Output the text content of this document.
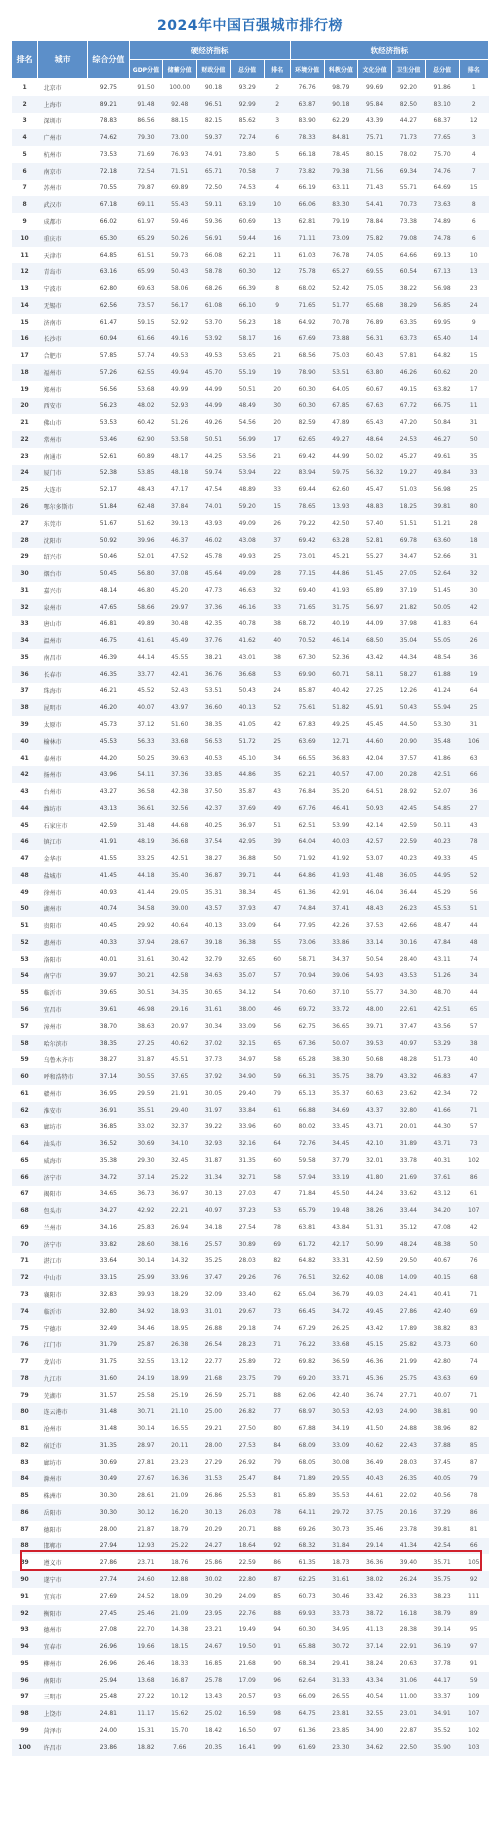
2024年中国百强城市排行榜
排名	城市	综合分值	硬经济指标					软经济指标					
			GDP分值	储蓄分值	财政分值	总分值	排名	环境分值	科教分值	文化分值	卫生分值	总分值	排名
1	北京市	92.75	91.50	100.00	90.18	93.29	2	76.76	98.79	99.69	92.20	91.86	1
2	上海市	89.21	91.48	92.48	96.51	92.99	2	63.87	90.18	95.84	82.50	83.10	2
3	深圳市	78.83	86.56	88.15	82.15	85.62	3	83.90	62.29	43.39	44.27	68.37	12
4	广州市	74.62	79.30	73.00	59.37	72.74	6	78.33	84.81	75.71	71.73	77.65	3
5	杭州市	73.53	71.69	76.93	74.91	73.80	5	66.18	78.45	80.15	78.02	75.70	4
6	南京市	72.18	72.54	71.51	65.71	70.58	7	73.82	79.38	71.56	69.34	74.76	7
7	苏州市	70.55	79.87	69.89	72.50	74.53	4	66.19	63.11	71.43	55.71	64.69	15
8	武汉市	67.18	69.11	55.43	59.11	63.19	10	66.06	83.30	54.41	70.73	73.63	8
9	成都市	66.02	61.97	59.46	59.36	60.69	13	62.81	79.19	78.84	73.38	74.89	6
10	重庆市	65.30	65.29	50.26	56.91	59.44	16	71.11	73.09	75.82	79.08	74.78	6
11	天津市	64.85	61.51	59.73	66.08	62.21	11	61.03	76.78	74.05	64.66	69.13	10
12	青岛市	63.16	65.99	50.43	58.78	60.30	12	75.78	65.27	69.55	60.54	67.13	13
13	宁波市	62.80	69.63	58.06	68.26	66.39	8	68.02	52.42	75.05	38.22	56.98	23
14	无锡市	62.56	73.57	56.17	61.08	66.10	9	71.65	51.77	65.68	38.29	56.85	24
15	济南市	61.47	59.15	52.92	53.70	56.23	18	64.92	70.78	76.89	63.35	69.95	9
16	长沙市	60.94	61.66	49.16	53.92	58.17	16	67.69	73.88	56.31	63.73	65.40	14
17	合肥市	57.85	57.74	49.53	49.53	53.65	21	68.56	75.03	60.43	57.81	64.82	15
18	福州市	57.26	62.55	49.94	45.70	55.19	19	78.90	53.51	63.80	46.26	60.62	20
19	郑州市	56.56	53.68	49.99	44.99	50.51	20	60.30	64.05	60.67	49.15	63.82	17
20	西安市	56.23	48.02	52.93	44.99	48.49	30	60.30	67.85	67.63	67.72	66.75	11
21	佛山市	53.53	60.42	51.26	49.26	54.56	20	82.59	47.89	65.43	47.20	50.84	31
22	常州市	53.46	62.90	53.58	50.51	56.99	17	62.65	49.27	48.64	24.53	46.27	50
23	南通市	52.61	60.89	48.17	44.25	53.56	21	69.42	44.99	50.02	45.27	49.61	35
24	厦门市	52.38	53.85	48.18	59.74	53.94	22	83.94	59.75	56.32	19.27	49.84	33
25	大连市	52.17	48.43	47.17	47.54	48.89	33	69.44	62.60	45.47	51.03	56.98	25
26	鄂尔多斯市	51.84	62.48	37.84	74.01	59.20	15	78.65	13.93	48.83	18.25	39.81	80
27	东莞市	51.67	51.62	39.13	43.93	49.09	26	79.22	42.50	57.40	51.51	51.21	28
28	沈阳市	50.92	39.96	46.37	46.02	43.08	37	69.42	63.28	52.81	69.78	63.60	18
29	绍兴市	50.46	52.01	47.52	45.78	49.93	25	73.01	45.21	55.27	34.47	52.66	31
30	烟台市	50.45	56.80	37.08	45.64	49.09	28	77.15	44.86	51.45	27.05	52.64	32
31	嘉兴市	48.14	46.80	45.20	47.73	46.63	32	69.40	41.93	65.89	37.19	51.45	30
32	泉州市	47.65	58.66	29.97	37.36	46.16	33	71.65	31.75	56.97	21.82	50.05	42
33	唐山市	46.81	49.89	30.48	42.35	40.78	38	68.72	40.19	44.09	37.98	41.83	64
34	温州市	46.75	41.61	45.49	37.76	41.62	40	70.52	46.14	68.50	35.04	55.05	26
35	南昌市	46.39	44.14	45.55	38.21	43.01	38	67.30	52.36	43.42	44.34	48.54	36
36	长春市	46.35	33.77	42.41	36.76	36.68	53	69.90	60.71	58.11	58.27	61.88	19
37	珠海市	46.21	45.52	52.43	53.51	50.43	24	85.87	40.42	27.25	12.26	41.24	64
38	昆明市	46.20	40.07	43.97	36.60	40.13	52	75.61	51.82	45.91	50.43	55.94	25
39	太原市	45.73	37.12	51.60	38.35	41.05	42	67.83	49.25	45.45	44.50	53.30	31
40	榆林市	45.53	56.33	33.68	56.53	51.72	25	63.69	12.71	44.60	20.90	35.48	106
41	泰州市	44.20	50.25	39.63	40.53	45.10	34	66.55	36.83	42.04	37.57	41.86	63
42	扬州市	43.96	54.11	37.36	33.85	44.86	35	62.21	40.57	47.00	20.28	42.51	66
43	台州市	43.27	36.58	42.38	37.50	35.87	43	76.84	35.20	64.51	28.92	52.07	36
44	潍坊市	43.13	36.61	32.56	42.37	37.69	49	67.76	46.41	50.93	42.45	54.85	27
45	石家庄市	42.59	31.48	44.68	40.25	36.97	51	62.51	53.99	42.14	42.59	50.11	43
46	镇江市	41.91	48.19	36.68	37.54	42.95	39	64.04	40.03	42.57	22.59	40.23	78
47	金华市	41.55	33.25	42.51	38.27	36.88	50	71.92	41.92	53.07	40.23	49.33	45
48	盐城市	41.45	44.18	35.40	36.87	39.71	44	64.86	41.93	41.48	36.05	44.95	52
49	徐州市	40.93	41.44	29.05	35.31	38.34	45	61.36	42.91	46.04	36.44	45.29	56
50	湖州市	40.74	34.58	39.00	43.57	37.93	47	74.84	37.41	48.43	26.23	45.53	51
51	贵阳市	40.45	29.92	40.64	40.13	33.09	64	77.95	42.26	37.53	42.66	48.47	44
52	惠州市	40.33	37.94	28.67	39.18	36.38	55	73.06	33.86	33.14	30.16	47.84	48
53	洛阳市	40.01	31.61	30.42	32.79	32.65	60	58.71	34.37	50.54	28.40	43.11	74
54	南宁市	39.97	30.21	42.58	34.63	35.07	57	70.94	39.06	54.93	43.53	51.26	34
55	临沂市	39.65	30.51	34.35	30.65	34.12	54	70.60	37.10	55.77	34.30	48.70	44
56	宜昌市	39.61	46.98	29.16	31.61	38.00	46	69.72	33.72	48.00	22.61	42.51	65
57	漳州市	38.70	38.63	20.97	30.34	33.09	56	62.75	36.65	39.71	37.47	43.56	57
58	哈尔滨市	38.35	27.25	40.62	37.02	32.15	65	67.36	50.07	39.53	40.97	53.29	38
59	乌鲁木齐市	38.27	31.87	45.51	37.73	34.97	58	65.28	38.30	50.68	48.28	51.73	40
60	呼和浩特市	37.14	30.55	37.65	37.92	34.90	59	66.31	35.75	38.79	43.32	46.83	47
61	赣州市	36.95	29.59	21.91	30.05	29.40	79	65.13	35.37	60.63	23.62	42.34	72
62	淮安市	36.91	35.51	29.40	31.97	33.84	61	66.88	34.69	43.37	32.80	41.66	71
63	廊坊市	36.85	33.02	32.37	39.22	33.96	60	80.02	33.45	43.71	20.01	44.30	57
64	汕头市	36.52	30.69	34.10	32.93	32.16	64	72.76	34.45	42.10	31.89	43.71	73
65	威海市	35.38	29.30	32.45	31.87	31.35	60	59.58	37.79	32.01	33.78	40.31	102
66	济宁市	34.72	37.14	25.22	31.34	32.71	58	57.94	33.19	41.80	21.69	37.61	86
67	揭阳市	34.65	36.73	36.97	30.13	27.03	47	71.84	45.50	44.24	33.62	43.12	61
68	包头市	34.27	42.92	22.21	40.97	37.23	53	65.79	19.48	38.26	33.44	34.20	107
69	兰州市	34.16	25.83	26.94	34.18	27.54	78	63.81	43.84	51.31	35.12	47.08	42
70	济宁市	33.82	28.60	38.16	25.57	30.89	69	61.72	42.17	50.99	48.24	48.38	50
71	湛江市	33.64	30.14	14.32	35.25	28.03	82	64.82	33.31	42.59	29.50	40.67	76
72	中山市	33.15	25.99	33.96	37.47	29.26	76	76.51	32.62	40.08	14.09	40.15	68
73	襄阳市	32.83	39.93	18.29	32.09	33.40	62	65.04	36.79	49.03	24.41	40.41	71
74	临沂市	32.80	34.92	18.93	31.01	29.67	73	66.45	34.72	49.45	27.86	42.40	69
75	宁德市	32.49	34.46	18.95	26.88	29.18	74	67.29	26.25	43.42	17.89	38.82	83
76	江门市	31.79	25.87	26.38	26.54	28.23	71	76.22	33.68	45.15	25.82	43.73	60
77	龙岩市	31.75	32.55	13.12	22.77	25.89	72	69.82	36.59	46.36	21.99	42.80	74
78	九江市	31.60	24.19	18.99	21.68	23.75	79	69.20	33.71	45.36	25.75	43.63	69
79	芜湖市	31.57	25.58	25.19	26.59	25.71	88	62.06	42.40	36.74	27.71	40.07	71
80	连云港市	31.48	30.71	21.10	25.00	26.82	77	68.97	30.53	42.93	24.90	38.81	90
81	沧州市	31.48	30.14	16.55	29.21	27.50	80	67.88	34.19	41.50	24.88	38.96	82
82	宿迁市	31.35	28.97	20.11	28.00	27.53	84	68.09	33.09	40.62	22.43	37.88	85
83	廊坊市	30.69	27.81	23.23	27.29	26.92	79	68.05	30.08	36.49	28.03	37.45	87
84	滁州市	30.49	27.67	16.36	31.53	25.47	84	71.89	29.55	40.43	26.35	40.05	79
85	株洲市	30.30	28.61	21.09	26.86	25.53	81	65.89	35.53	44.61	22.02	40.56	78
86	岳阳市	30.30	30.12	16.20	30.13	26.03	78	64.11	29.72	37.75	20.16	37.29	86
87	德阳市	28.00	21.87	18.79	20.29	20.71	88	69.26	30.73	35.46	23.78	39.81	81
88	邯郸市	27.94	12.93	25.22	24.27	18.64	92	68.32	31.84	29.14	41.34	42.54	66
89	遵义市	27.86	23.71	18.76	25.86	22.59	86	61.35	18.73	36.36	39.40	35.71	105
90	遂宁市	27.74	24.60	12.88	30.02	22.80	87	62.25	31.61	38.02	26.24	35.75	92
91	宜宾市	27.69	24.52	18.09	30.29	24.09	85	60.73	30.46	33.42	26.33	38.23	111
92	衡阳市	27.45	25.46	21.09	23.95	22.76	88	69.93	33.73	38.72	16.18	38.79	89
93	德州市	27.08	22.70	14.38	23.21	19.49	94	60.30	34.95	41.13	28.38	39.14	95
94	宜春市	26.96	19.66	18.15	24.67	19.50	91	65.88	30.72	37.14	22.91	36.19	97
95	柳州市	26.96	26.46	18.33	16.85	21.68	90	68.34	29.41	38.24	20.63	37.78	91
96	南阳市	25.94	13.68	16.87	25.78	17.09	96	62.64	31.33	43.34	31.06	44.17	59
97	三明市	25.48	27.22	10.12	13.43	20.57	93	66.09	26.55	40.54	11.00	33.37	109
98	上饶市	24.81	11.17	15.62	25.02	16.59	98	64.75	23.81	32.55	23.01	34.91	107
99	菏泽市	24.00	15.31	15.70	18.42	16.50	97	61.36	23.85	34.90	22.87	35.52	102
100	许昌市	23.86	18.82	7.66	20.35	16.41	99	61.69	23.30	34.62	22.50	35.90	103
